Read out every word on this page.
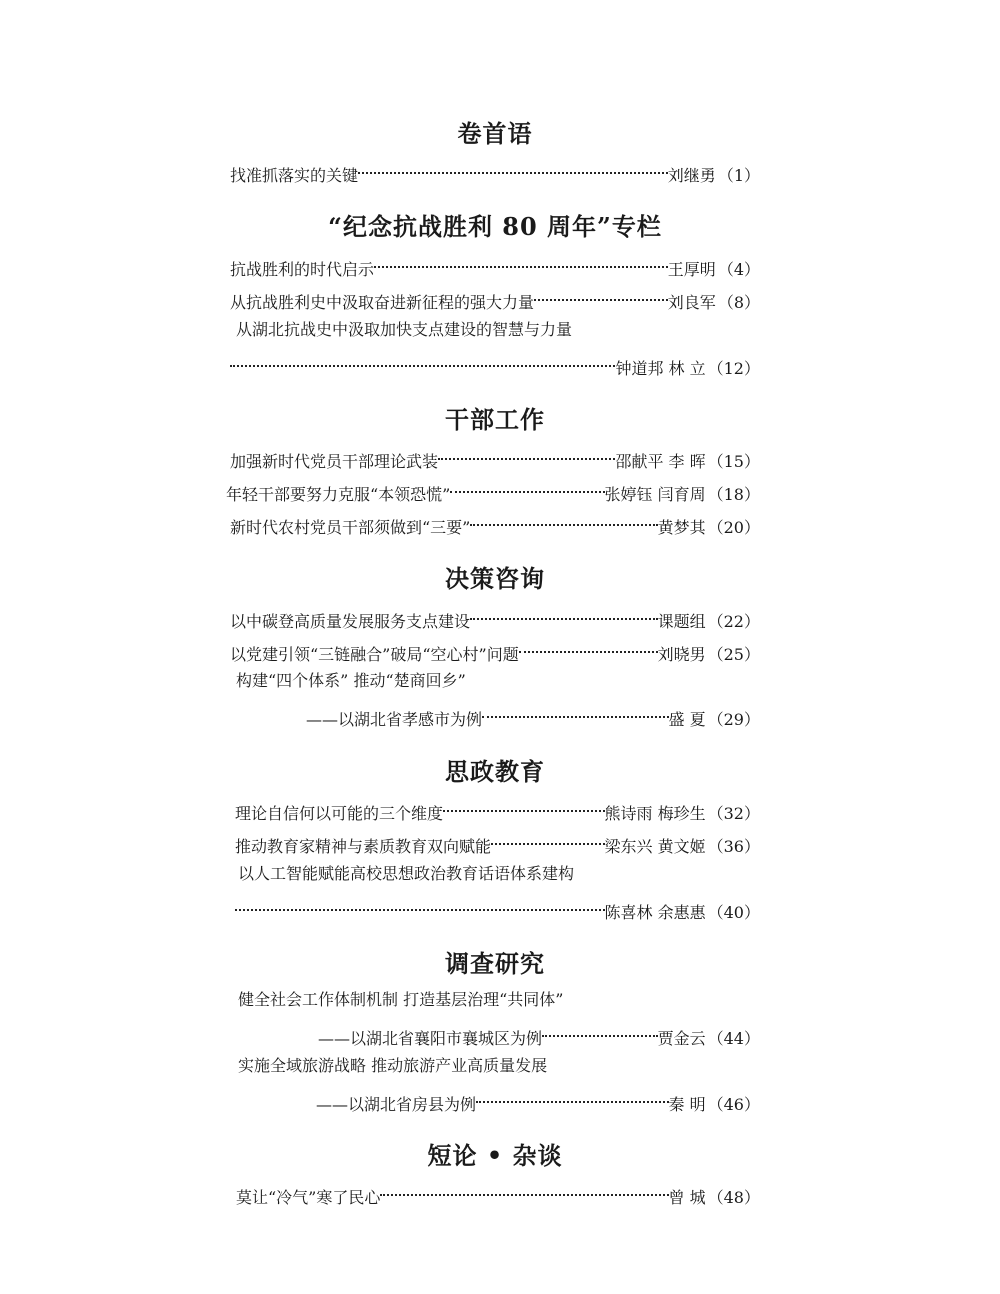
卷首语
找准抓落实的关键	刘继勇 （1）
“纪念抗战胜利 80 周年”专栏
抗战胜利的时代启示	王厚明 （4）
从抗战胜利史中汲取奋进新征程的强大力量	刘良军 （8）
从湖北抗战史中汲取加快支点建设的智慧与力量
钟道邦 林 立 （12）
干部工作
加强新时代党员干部理论武装	邵献平 李 晖 （15）
年轻干部要努力克服“本领恐慌”	张婷钰 闫育周 （18）
新时代农村党员干部须做到“三要”	黄梦其 （20）
决策咨询
以中碳登高质量发展服务支点建设	课题组 （22）
以党建引领“三链融合”破局“空心村”问题	刘晓男 （25）
构建“四个体系” 推动“楚商回乡”
——以湖北省孝感市为例	盛 夏 （29）
思政教育
理论自信何以可能的三个维度	熊诗雨 梅珍生 （32）
推动教育家精神与素质教育双向赋能	梁东兴 黄文姬 （36）
以人工智能赋能高校思想政治教育话语体系建构
陈喜林 余惠惠 （40）
调查研究
健全社会工作体制机制 打造基层治理“共同体”
——以湖北省襄阳市襄城区为例	贾金云 （44）
实施全域旅游战略 推动旅游产业高质量发展
——以湖北省房县为例	秦 明 （46）
短论 • 杂谈
莫让“冷气”寒了民心	曾 城 （48）
